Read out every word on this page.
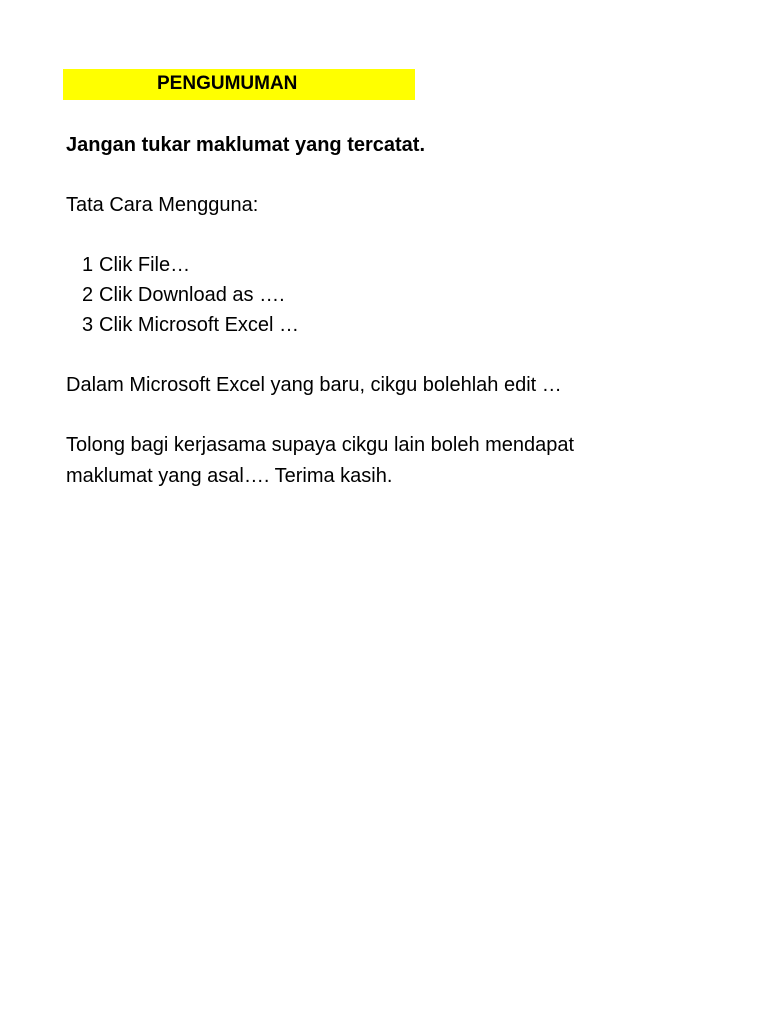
PENGUMUMAN
Jangan tukar maklumat yang tercatat.
Tata Cara Mengguna:
1 Clik File…
2 Clik Download as ….
3 Clik Microsoft Excel …
Dalam Microsoft Excel yang baru, cikgu bolehlah edit …
Tolong bagi kerjasama supaya cikgu lain boleh mendapat
maklumat yang asal…. Terima kasih.
